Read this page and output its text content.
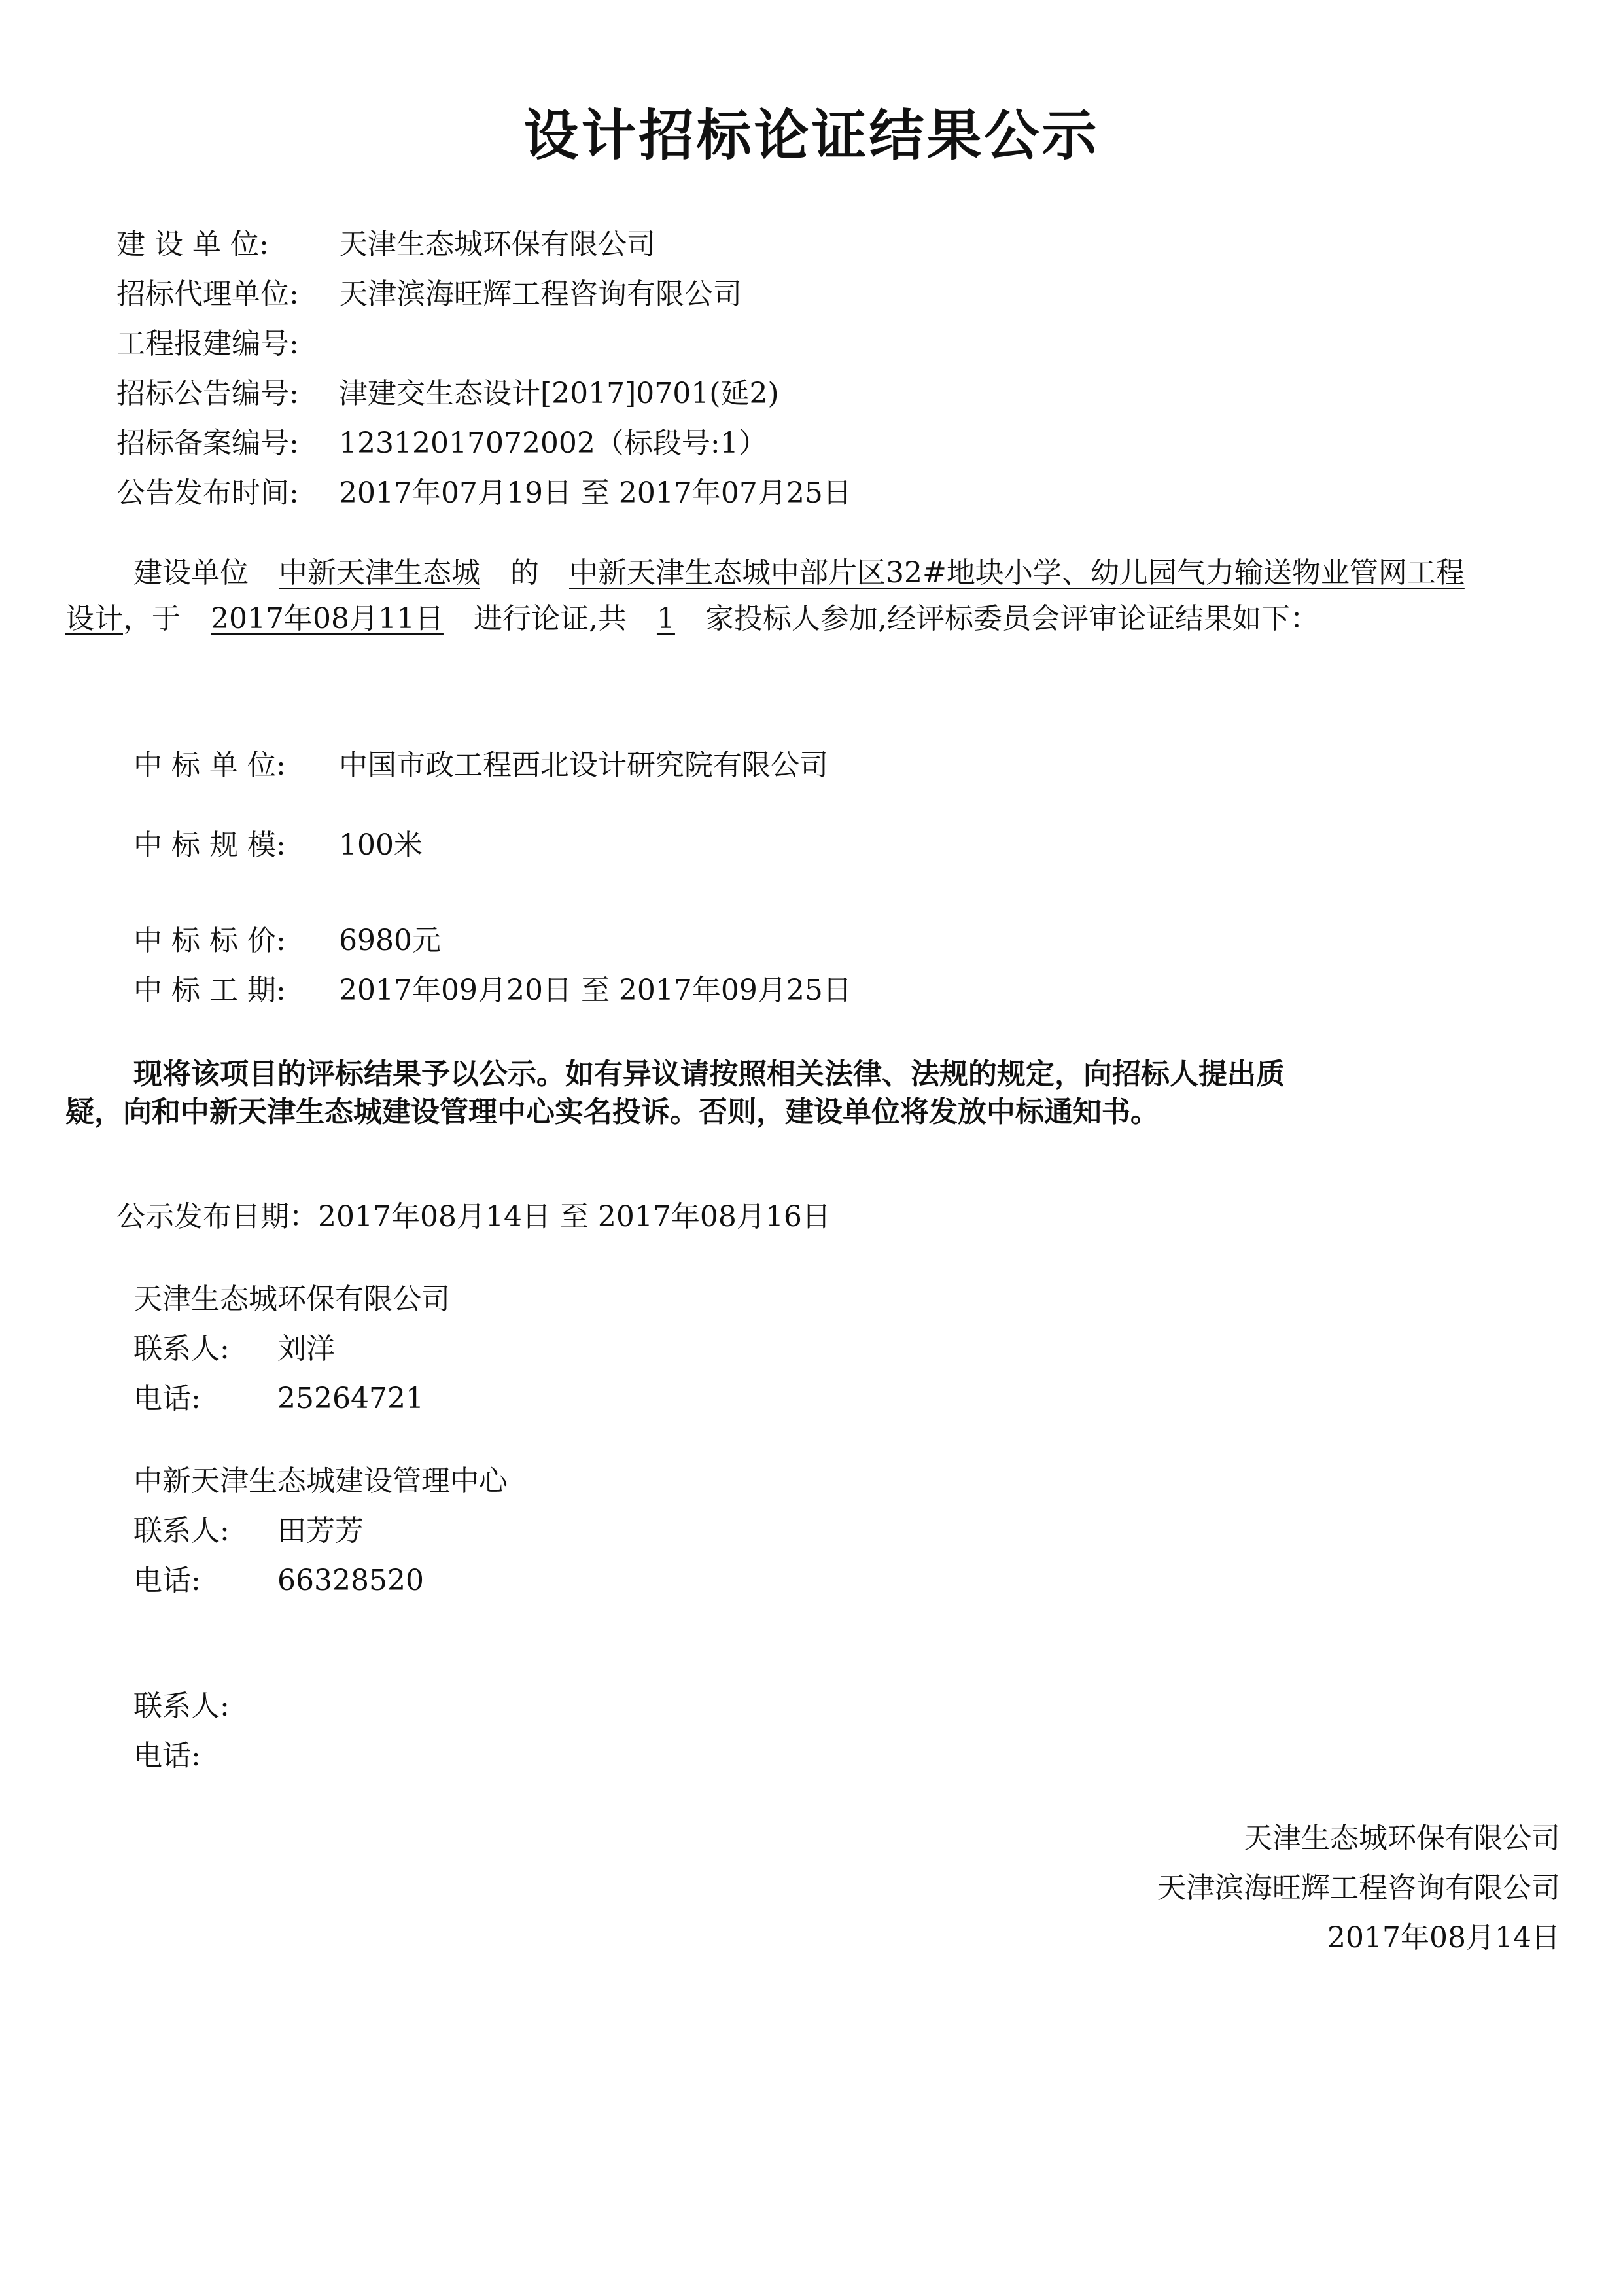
设计招标论证结果公示
建 设 单 位: 天津生态城环保有限公司
招标代理单位: 天津滨海旺辉工程咨询有限公司
工程报建编号:
招标公告编号: 津建交生态设计[2017]0701(延2)
招标备案编号: 12312017072002（标段号:1）
公告发布时间: 2017年07月19日 至 2017年07月25日
建设单位 中新天津生态城 的 中新天津生态城中部片区32#地块小学、幼儿园气力输送物业管网工程
设计，于 2017年08月11日 进行论证,共 1 家投标人参加,经评标委员会评审论证结果如下：
中 标 单 位: 中国市政工程西北设计研究院有限公司
中 标 规 模: 100米
中 标 标 价: 6980元
中 标 工 期: 2017年09月20日 至 2017年09月25日
现将该项目的评标结果予以公示。如有异议请按照相关法律、法规的规定，向招标人提出质
疑，向和中新天津生态城建设管理中心实名投诉。否则，建设单位将发放中标通知书。
公示发布日期：2017年08月14日 至 2017年08月16日
天津生态城环保有限公司
联系人: 刘洋
电话:	25264721
中新天津生态城建设管理中心
联系人: 田芳芳
电话:	66328520
联系人:
电话:
天津生态城环保有限公司
天津滨海旺辉工程咨询有限公司
2017年08月14日
